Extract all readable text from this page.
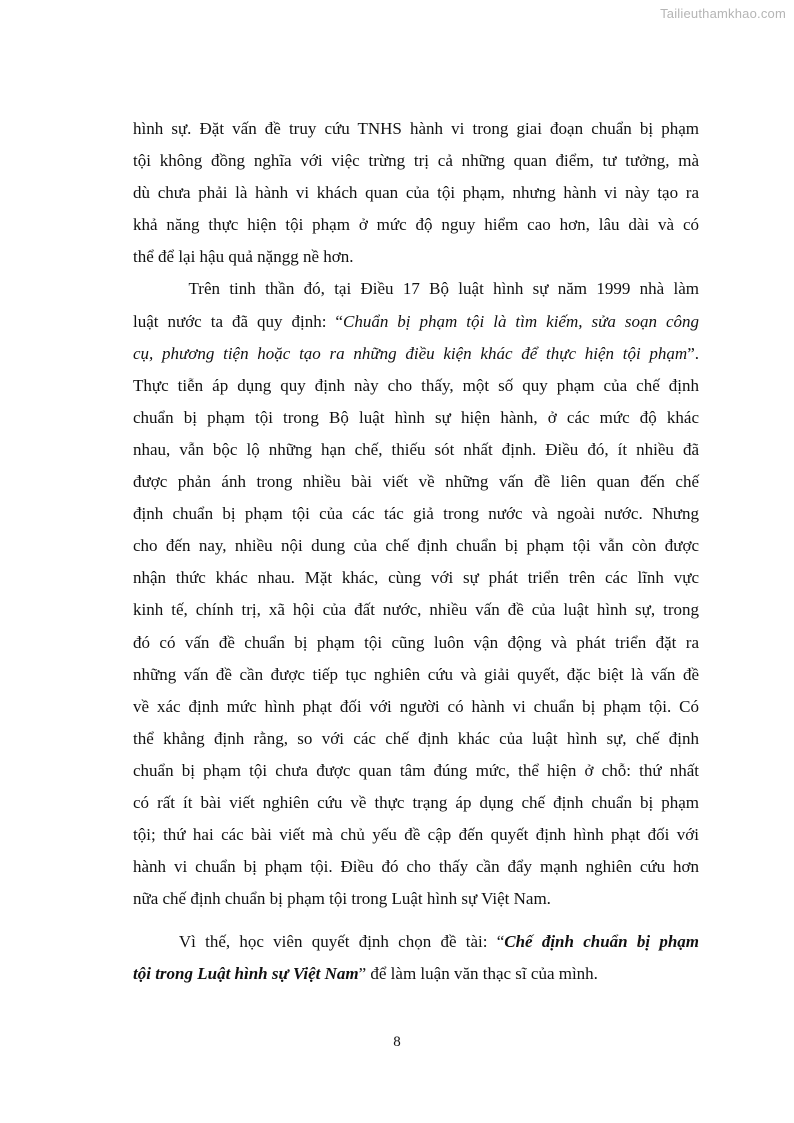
Tailieuthamkhao.com

hình sự. Đặt vấn đề truy cứu TNHS hành vi trong giai đoạn chuẩn bị phạm
tội không đồng nghĩa với việc trừng trị cả những quan điểm, tư tưởng, mà
dù chưa phải là hành vi khách quan của tội phạm, nhưng hành vi này tạo ra
khả năng thực hiện tội phạm ở mức độ nguy hiểm cao hơn, lâu dài và có
thể để lại hậu quả nặngg nề hơn.

Trên tinh thần đó, tại Điều 17 Bộ luật hình sự năm 1999 nhà làm
luật nước ta đã quy định: “Chuẩn bị phạm tội là tìm kiếm, sửa soạn công
cụ, phương tiện hoặc tạo ra những điều kiện khác để thực hiện tội phạm”.
Thực tiễn áp dụng quy định này cho thấy, một số quy phạm của chế định
chuẩn bị phạm tội trong Bộ luật hình sự hiện hành, ở các mức độ khác
nhau, vẫn bộc lộ những hạn chế, thiếu sót nhất định. Điều đó, ít nhiều đã
được phản ánh trong nhiều bài viết về những vấn đề liên quan đến chế
định chuẩn bị phạm tội của các tác giả trong nước và ngoài nước. Nhưng
cho đến nay, nhiều nội dung của chế định chuẩn bị phạm tội vẫn còn được
nhận thức khác nhau. Mặt khác, cùng với sự phát triển trên các lĩnh vực
kinh tế, chính trị, xã hội của đất nước, nhiều vấn đề của luật hình sự, trong
đó có vấn đề chuẩn bị phạm tội cũng luôn vận động và phát triển đặt ra
những vấn đề cần được tiếp tục nghiên cứu và giải quyết, đặc biệt là vấn đề
về xác định mức hình phạt đối với người có hành vi chuẩn bị phạm tội. Có
thể khẳng định rằng, so với các chế định khác của luật hình sự, chế định
chuẩn bị phạm tội chưa được quan tâm đúng mức, thể hiện ở chỗ: thứ nhất
có rất ít bài viết nghiên cứu về thực trạng áp dụng chế định chuẩn bị phạm
tội; thứ hai các bài viết mà chủ yếu đề cập đến quyết định hình phạt đối với
hành vi chuẩn bị phạm tội. Điều đó cho thấy cần đẩy mạnh nghiên cứu hơn
nữa chế định chuẩn bị phạm tội trong Luật hình sự Việt Nam.

Vì thế, học viên quyết định chọn đề tài: “Chế định chuẩn bị phạm
tội trong Luật hình sự Việt Nam” để làm luận văn thạc sĩ của mình.

8
